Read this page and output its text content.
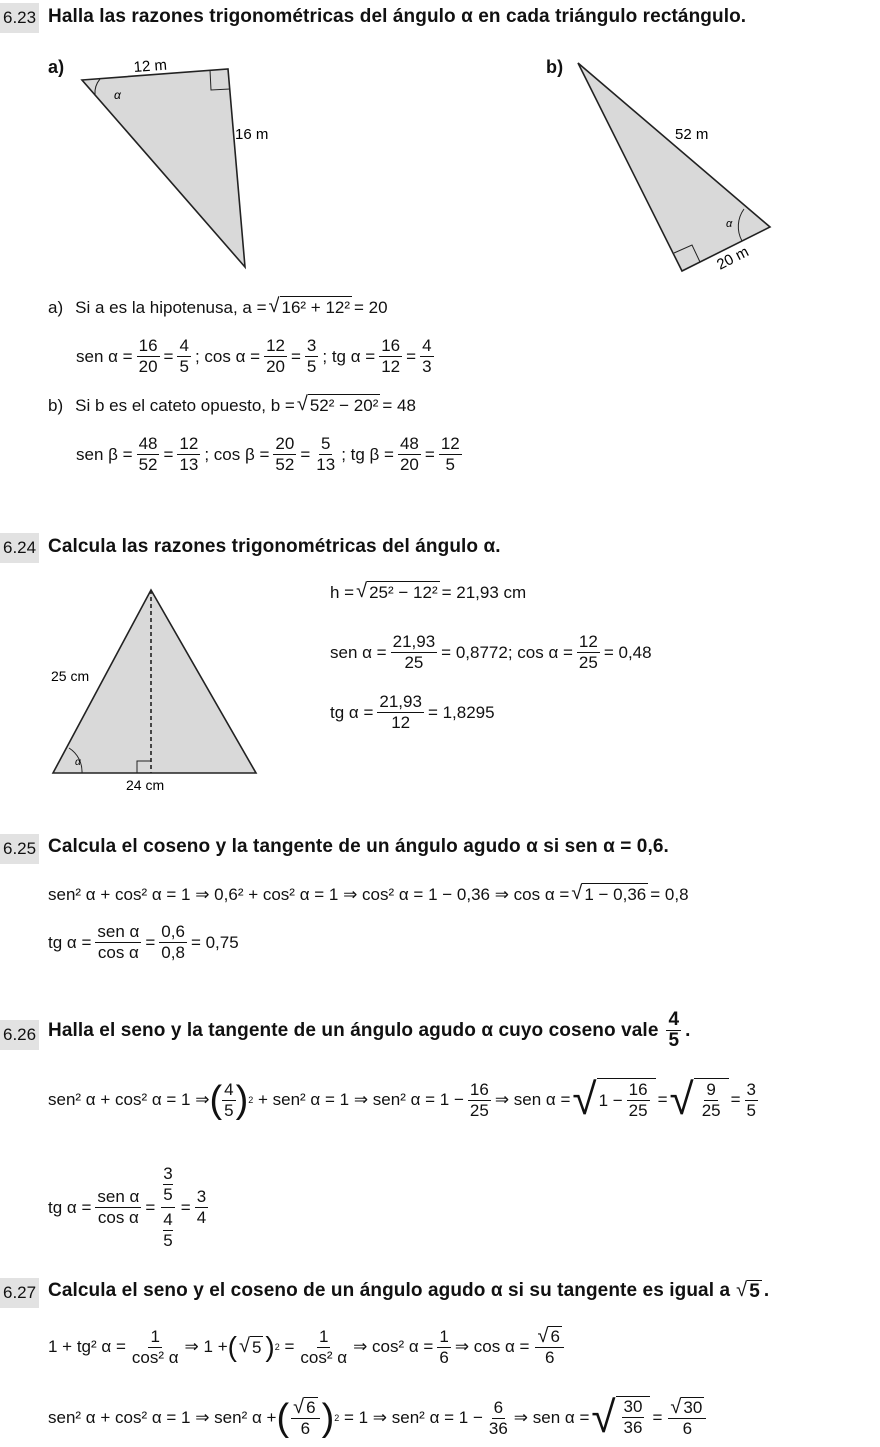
6.23 Halla las razones trigonométricas del ángulo α en cada triángulo rectángulo.
a)	b)
12 m
16 m
α
52 m
20 m
α
a) Si a es la hipotenusa, a = √ 16² + 12² = 20
sen $\alpha = \frac{16}{20} = \frac{4}{5}$ ; $\cos \alpha = \frac{12}{20} = \frac{3}{5}$ ; tg $\alpha = \frac{16}{12} = \frac{4}{3}$
b) Si b es el cateto opuesto, b = √ 52² − 20² = 48
sen $\beta = \frac{48}{52} = \frac{12}{13}$ ; $\cos \beta = \frac{20}{52} = \frac{5}{13}$ ; tg $\beta = \frac{48}{20} = \frac{12}{5}$
6.24 Calcula las razones trigonométricas del ángulo α.
25 cm
24 cm
α
h = √ 25² − 12² = 21,93 cm
sen $\alpha = \frac{21,93}{25} = 0,8772$; $\cos \alpha = \frac{12}{25} = 0,48$
tg $\alpha = \frac{21,93}{12} = 1,8295$
6.25 Calcula el coseno y la tangente de un ángulo agudo α si sen α = 0,6.
sen² α + cos² α = 1 ⇒ 0,6² + cos² α = 1 ⇒ cos² α = 1 − 0,36 ⇒ cos α = √ 1 − 0,36 = 0,8
tg $\alpha = \frac{\text{sen α}}{\text{cos α}} = \frac{0,6}{0,8} = 0,75$
6.26 Halla el seno y la tangente de un ángulo agudo α cuyo coseno vale $\frac{4}{5}$ .
sen² α + cos² α = 1 ⇒ ( $\frac{4}{5}$ ) 2 + sen² α = 1 ⇒ sen² $\alpha = 1 - \frac{16}{25}$ ⇒ sen α = √ $1 - \frac{16}{25}$ = √ $\frac{9}{25} = \frac{3}{5}$
tg $\alpha = \frac{\text{sen α}}{\text{cos α}} = 3$
5
4
$5 = \frac{3}{4}$
6.27 Calcula el seno y el coseno de un ángulo agudo α si su tangente es igual a √ 5 .
1 + tg² $\alpha = \frac{1}{\text{cos² α}}$ ⇒ 1 + ( √ 5 ) $2 = \frac{1}{\text{cos² α}}$ ⇒ cos² $\alpha = \frac{1}{6}$ ⇒ $\cos \alpha = \frac{√ 6}{6}$
sen² α + cos² α = 1 ⇒ sen² α + ( $\frac{√ 6}{6}$ ) 2 = 1 ⇒ sen² $\alpha = 1 - \frac{6}{36}$ ⇒ sen α = √ $\frac{30}{36} = \frac{√ 30}{6}$
